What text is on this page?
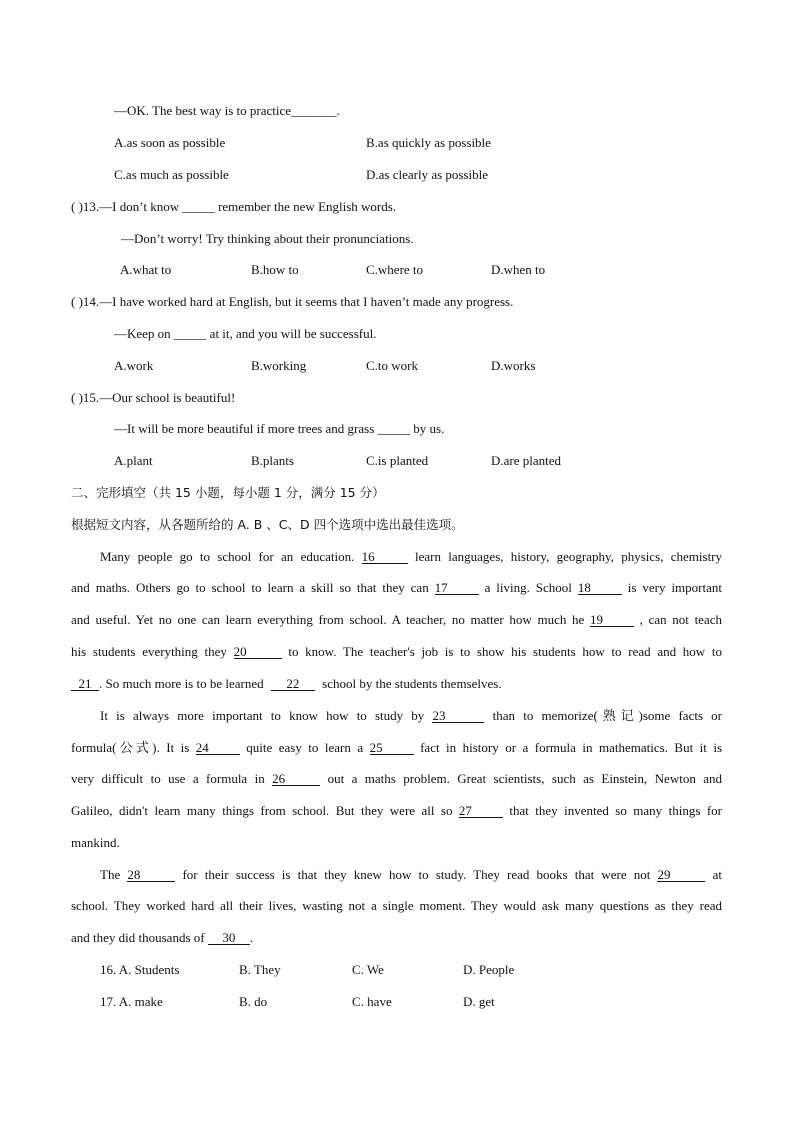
—OK. The best way is to practice_______.
A.as soon as possible	B.as quickly as possible
C.as much as possible	D.as clearly as possible
( )13.—I don’t know _____ remember the new English words.
—Don’t worry! Try thinking about their pronunciations.
A.what to	B.how to	C.where to	D.when to
( )14.—I have worked hard at English, but it seems that I haven’t made any progress.
—Keep on _____ at it, and you will be successful.
A.work	B.working	C.to work	D.works
( )15.—Our school is beautiful!
—It will be more beautiful if more trees and grass _____ by us.
A.plant	B.plants	C.is planted	D.are planted
二、完形填空（共 15 小题，每小题 1 分，满分 15 分）
根据短文内容，从各题所给的 A. B 、C、D 四个选项中选出最佳选项。
Many people go to school for an education. 16	learn languages, history, geography, physics, chemistry
and maths. Others go to school to learn a skill so that they can 17	a living. School 18	is very important
and useful. Yet no one can learn everything from school. A teacher, no matter how much he 19	, can not teach
his students everything they 20	to know. The teacher's job is to show his students how to read and how to
21 . So much more is to be learned 22 school by the students themselves.
It is always more important to know how to study by 23	than to memorize(熟记)some facts or
formula(公式). It is 24	quite easy to learn a 25	fact in history or a formula in mathematics. But it is
very difficult to use a formula in 26	out a maths problem. Great scientists, such as Einstein, Newton and
Galileo, didn't learn many things from school. But they were all so 27	that they invented so many things for
mankind.
The 28	for their success is that they knew how to study. They read books that were not 29	at
school. They worked hard all their lives, wasting not a single moment. They would ask many questions as they read
and they did thousands of 30 .
16. A. Students	B. They	C. We	D. People
17. A. make	B. do	C. have	D. get
